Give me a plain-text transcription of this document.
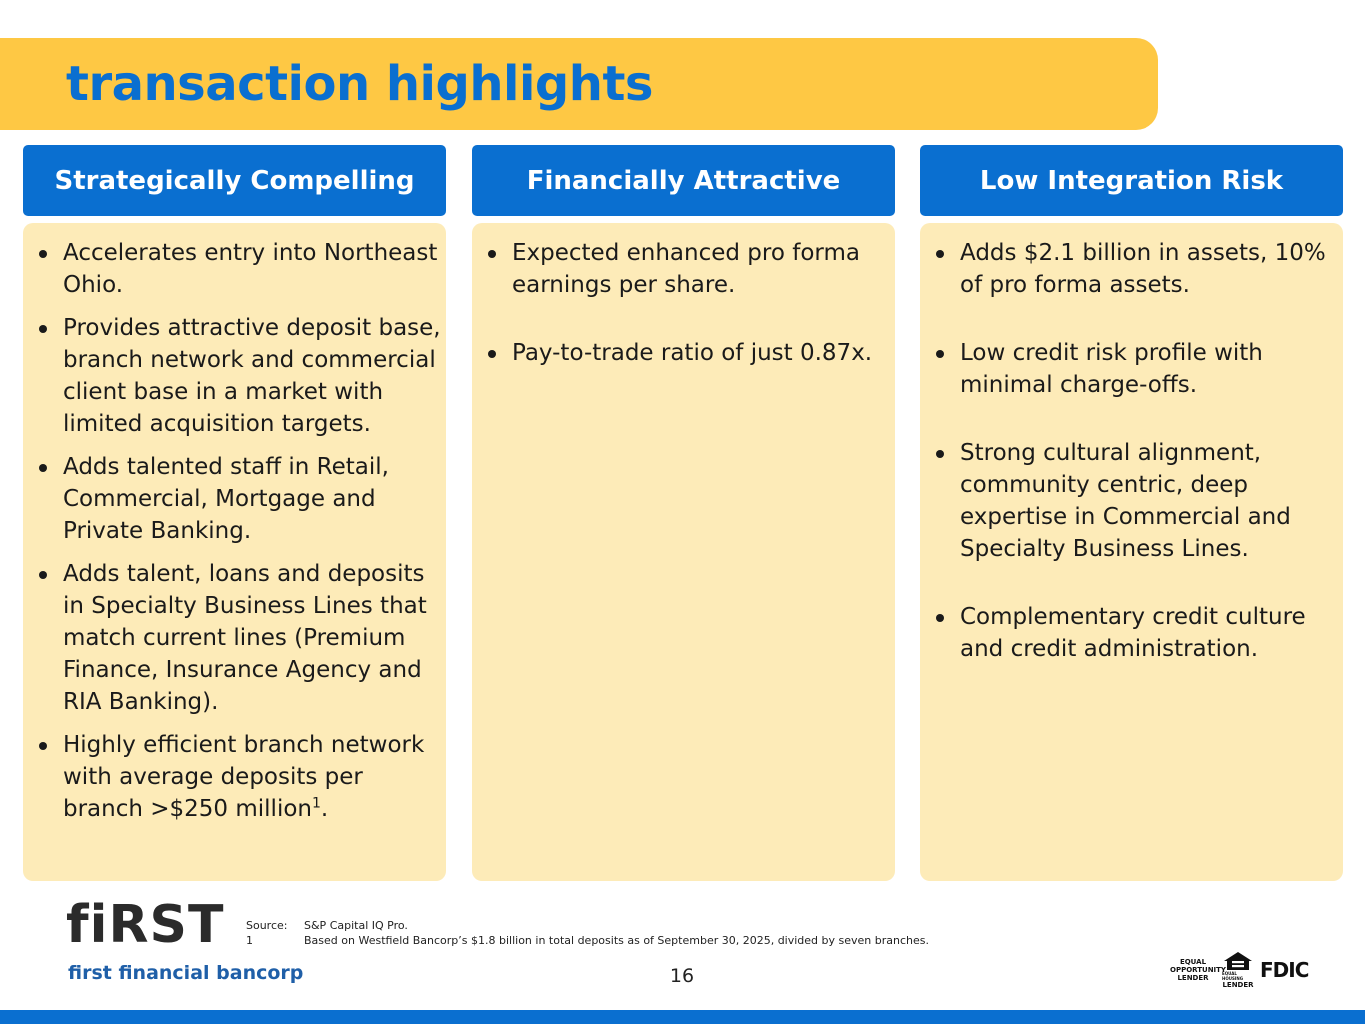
transaction highlights
Strategically Compelling
Accelerates entry into Northeast Ohio.
Provides attractive deposit base, branch network and commercial client base in a market with limited acquisition targets.
Adds talented staff in Retail, Commercial, Mortgage and Private Banking.
Adds talent, loans and deposits in Specialty Business Lines that match current lines (Premium Finance, Insurance Agency and RIA Banking).
Highly efficient branch network with average deposits per branch >$250 million$^1$.
Financially Attractive
Expected enhanced pro forma earnings per share.
Pay-to-trade ratio of just 0.87x.
Low Integration Risk
Adds $2.1 billion in assets, 10% of pro forma assets.
Low credit risk profile with minimal charge-offs.
Strong cultural alignment, community centric, deep expertise in Commercial and Specialty Business Lines.
Complementary credit culture and credit administration.
fiRST
first financial bancorp
Source:	S&P Capital IQ Pro.
1	Based on Westfield Bancorp’s $1.8 billion in total deposits as of September 30, 2025, divided by seven branches.
16
EQUAL OPPORTUNITY LENDER
EQUAL HOUSING
LENDER
FDIC
